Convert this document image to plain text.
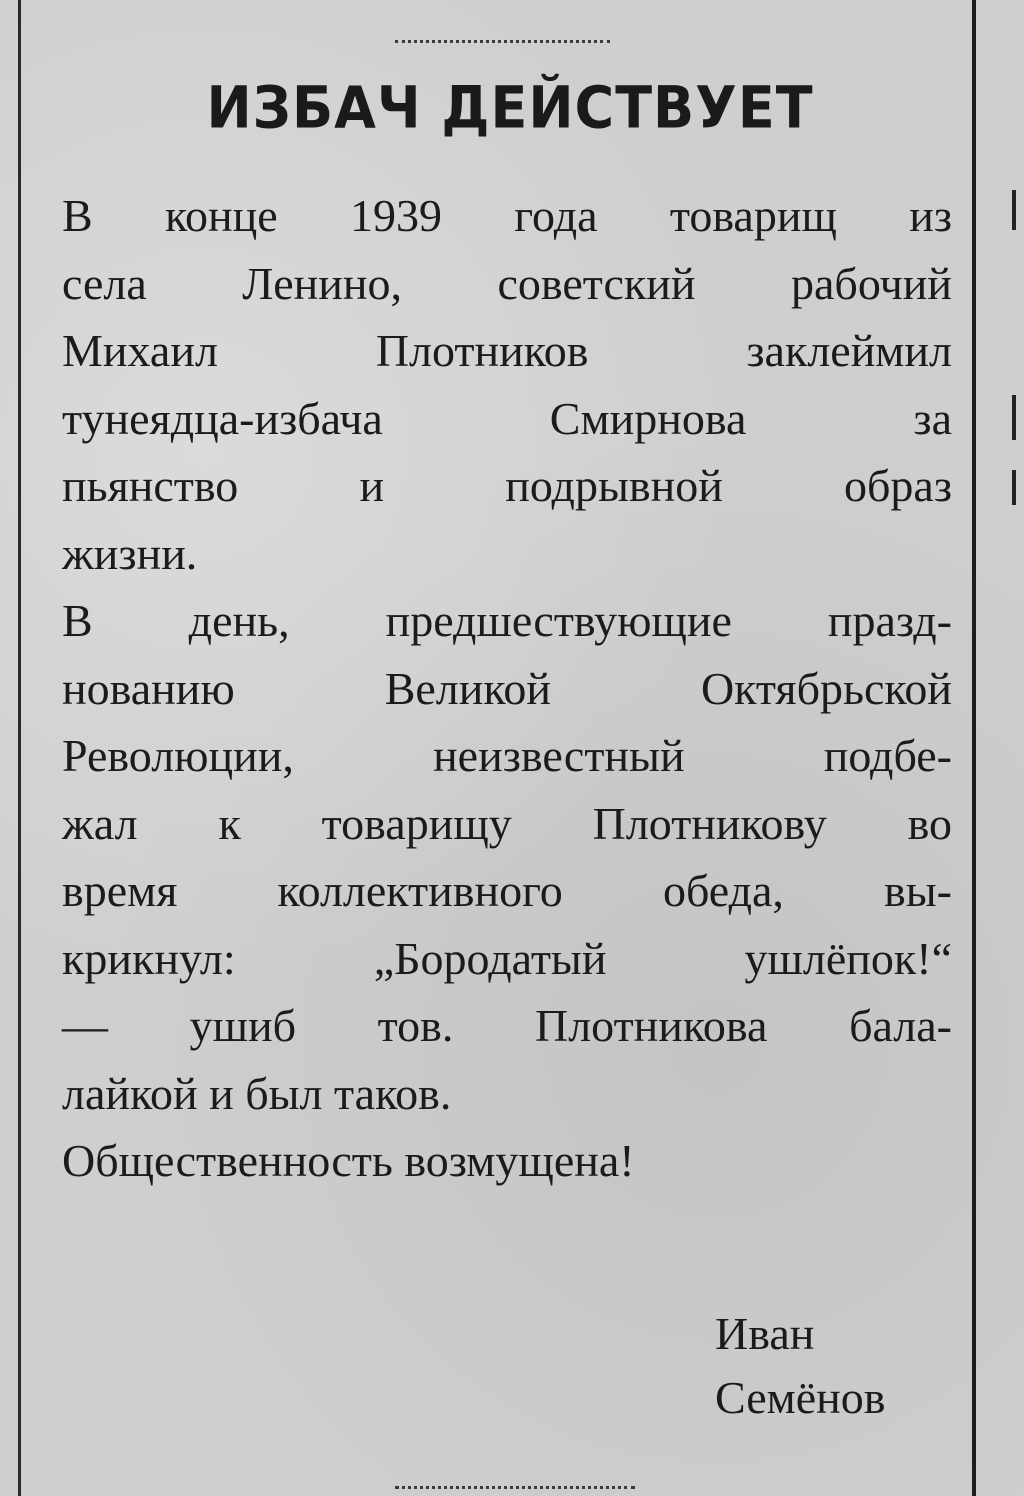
ИЗБАЧ ДЕЙСТВУЕТ
В конце 1939 года товарищ из
села Ленино, советский рабочий
Михаил Плотников заклеймил
тунеядца-избача Смирнова за
пьянство и подрывной образ
жизни.
В день, предшествующие празд-
нованию Великой Октябрьской
Революции, неизвестный подбе-
жал к товарищу Плотникову во
время коллективного обеда, вы-
крикнул: „Бородатый ушлёпок!“
— ушиб тов. Плотникова бала-
лайкой и был таков.
Общественность возмущена!
Иван
Семёнов
